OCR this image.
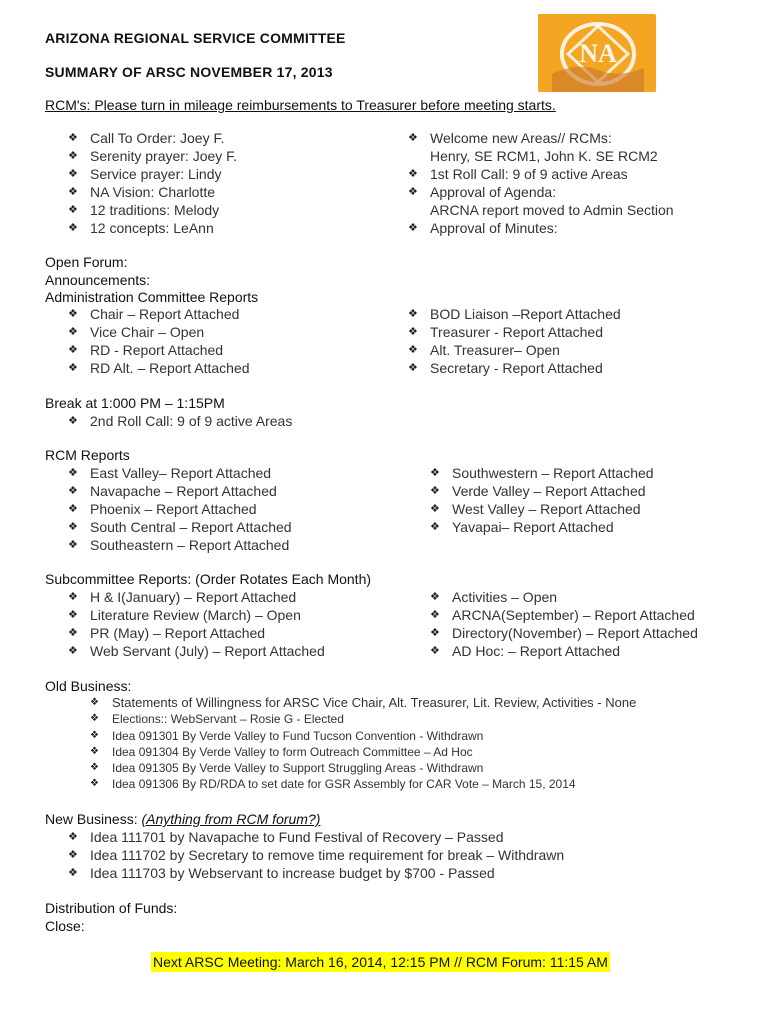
ARIZONA REGIONAL SERVICE COMMITTEE
SUMMARY OF ARSC NOVEMBER 17, 2013
NA
RCM's: Please turn in mileage reimbursements to Treasurer before meeting starts.
❖ Call To Order: Joey F.
❖ Serenity prayer: Joey F.
❖ Service prayer: Lindy
❖ NA Vision: Charlotte
❖ 12 traditions: Melody
❖ 12 concepts: LeAnn
❖ Welcome new Areas// RCMs:
Henry, SE RCM1, John K. SE RCM2
❖ 1st Roll Call: 9 of 9 active Areas
❖ Approval of Agenda:
ARCNA report moved to Admin Section
❖ Approval of Minutes:
Open Forum:
Announcements:
Administration Committee Reports
❖ Chair – Report Attached
❖ Vice Chair – Open
❖ RD - Report Attached
❖ RD Alt. – Report Attached
❖ BOD Liaison –Report Attached
❖ Treasurer - Report Attached
❖ Alt. Treasurer– Open
❖ Secretary - Report Attached
Break at 1:000 PM – 1:15PM
❖ 2nd Roll Call: 9 of 9 active Areas
RCM Reports
❖ East Valley– Report Attached
❖ Navapache – Report Attached
❖ Phoenix – Report Attached
❖ South Central – Report Attached
❖ Southeastern – Report Attached
❖ Southwestern – Report Attached
❖ Verde Valley – Report Attached
❖ West Valley – Report Attached
❖ Yavapai– Report Attached
Subcommittee Reports: (Order Rotates Each Month)
❖ H & I(January) – Report Attached
❖ Literature Review (March) – Open
❖ PR (May) – Report Attached
❖ Web Servant (July) – Report Attached
❖ Activities – Open
❖ ARCNA(September) – Report Attached
❖ Directory(November) – Report Attached
❖ AD Hoc: – Report Attached
Old Business:
❖ Statements of Willingness for ARSC Vice Chair, Alt. Treasurer, Lit. Review, Activities - None
❖ Elections:: WebServant – Rosie G - Elected
❖ Idea 091301 By Verde Valley to Fund Tucson Convention - Withdrawn
❖ Idea 091304 By Verde Valley to form Outreach Committee – Ad Hoc
❖ Idea 091305 By Verde Valley to Support Struggling Areas - Withdrawn
❖ Idea 091306 By RD/RDA to set date for GSR Assembly for CAR Vote – March 15, 2014
New Business: (Anything from RCM forum?)
❖ Idea 111701 by Navapache to Fund Festival of Recovery – Passed
❖ Idea 111702 by Secretary to remove time requirement for break – Withdrawn
❖ Idea 111703 by Webservant to increase budget by $700 - Passed
Distribution of Funds:
Close:
Next ARSC Meeting: March 16, 2014, 12:15 PM // RCM Forum: 11:15 AM
